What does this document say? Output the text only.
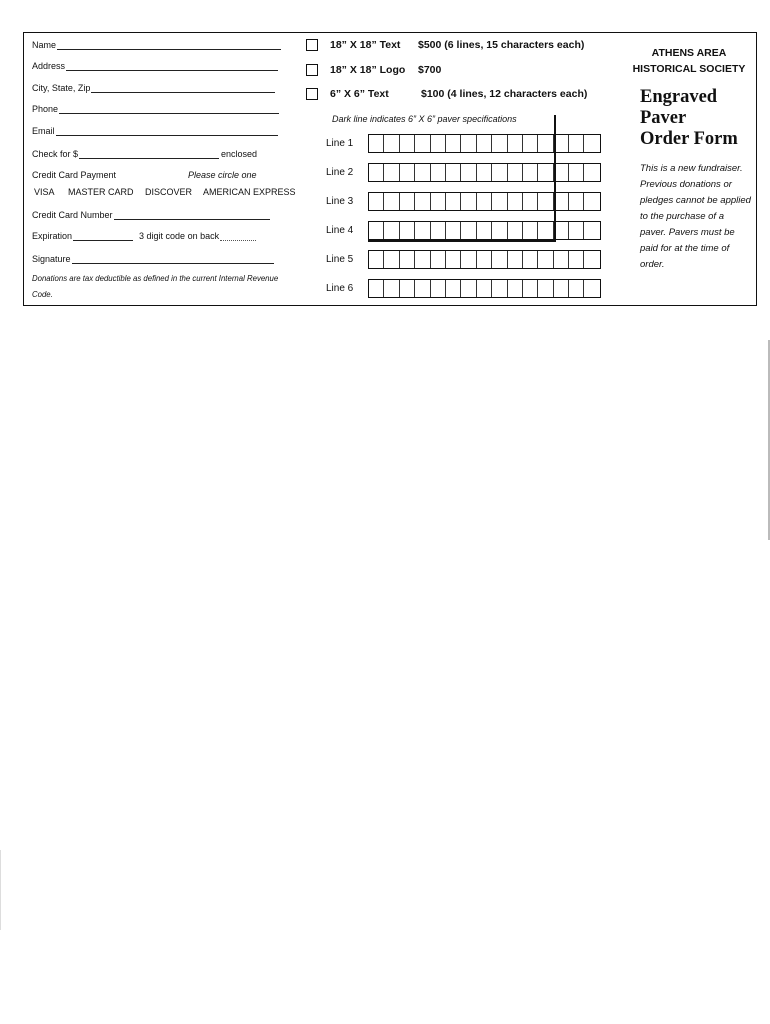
Name
Address
City, State, Zip
Phone
Email
Check for $	enclosed
Credit Card Payment	Please circle one
VISA MASTER CARD DISCOVER AMERICAN EXPRESS
Credit Card Number
Expiration	3 digit code on back
Signature
Donations are tax deductible as defined in the current Internal Revenue Code.
18” X 18” Text	$500 (6 lines, 15 characters each)
18” X 18” Logo	$700
6” X 6” Text	$100 (4 lines, 12 characters each)
Dark line indicates 6” X 6” paver specifications
Line 1
Line 2
Line 3
Line 4
Line 5
Line 6
ATHENS AREA
HISTORICAL SOCIETY
Engraved
Paver
Order Form
This is a new fundraiser. Previous donations or pledges cannot be applied to the purchase of a paver. Pavers must be paid for at the time of order.
